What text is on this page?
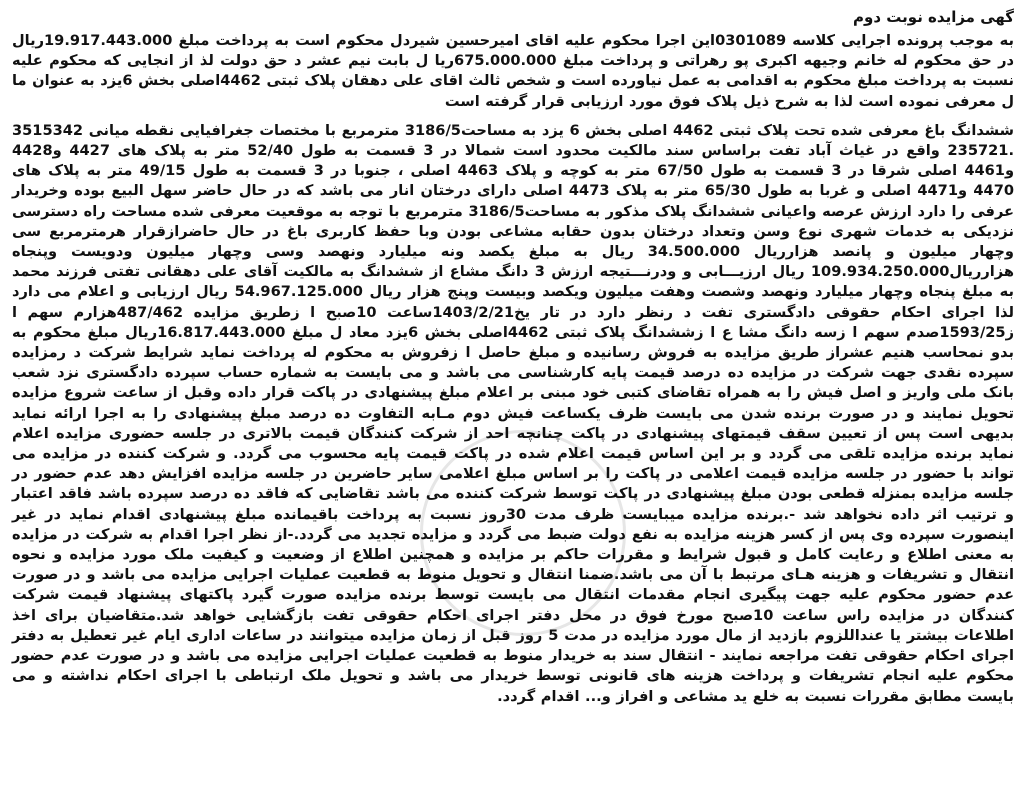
گهی مزایده نوبت دوم

به موجب پرونده اجرایی کلاسه 0301089این اجرا محکوم علیه اقای امیرحسین شیردل محکوم است به پرداخت مبلغ 19.917.443.000ریال در حق محکوم له خانم وجیهه اکبری پو رهراتی و پرداخت مبلغ 675.000.000ریا ل بابت نیم عشر د حق دولت لذ از انجایی که محکوم علیه نسبت به پرداخت مبلغ محکوم به اقدامی به عمل نیاورده است و شخص ثالث اقای علی دهقان پلاک ثبتی 4462اصلی بخش 6یزد به عنوان ما ل معرفی نموده است لذا به شرح ذیل پلاک فوق مورد ارزیابی قرار گرفته است

ششدانگ باغ معرفی شده تحت پلاک ثبتی 4462 اصلی بخش 6 یزد به مساحت3186/5 مترمربع با مختصات جغرافیایی نقطه میانی 3515342 .235721 واقع در غیاث آباد تفت براساس سند مالکیت محدود است شمالا در 3 قسمت به طول 52/40 متر به پلاک های 4427 و4428 و4461 اصلی شرقا در 3 قسمت به طول 67/50 متر به کوچه و پلاک 4463 اصلی ، جنوبا در 3 قسمت به طول 49/15 متر به پلاک های 4470 و4471 اصلی و غربا به طول 65/30 متر به پلاک 4473 اصلی دارای درختان انار می باشد که در حال حاضر سهل البیع بوده وخریدار عرفی را دارد ارزش عرصه واعیانی ششدانگ پلاک مذکور به مساحت3186/5 مترمربع با توجه به موقعیت معرفی شده مساحت راه دسترسی نزدیکی به خدمات شهری نوع وسن وتعداد درختان بدون حقابه مشاعی بودن وبا حفظ کاربری باغ در حال حاضرازقرار هرمترمربع سی وچهار میلیون و پانصد هزارریال 34.500.000 ریال به مبلغ یکصد ونه میلیارد ونهصد وسی وچهار میلیون ودویست وپنجاه هزارریال109.934.250.000 ریال ارزیـــابی و ودرنـــتیجه ارزش 3 دانگ مشاع از ششدانگ به مالکیت آقای علی دهقانی تفتی فرزند محمد به مبلغ پنجاه وچهار میلیارد ونهصد وشصت وهفت میلیون ویکصد وبیست وپنج هزار ریال 54.967.125.000 ریال ارزیابی و اعلام می دارد لذا اجرای احکام حقوقی دادگستری تفت د رنظر دارد در تار یخ1403/2/21ساعت 10صبح ا زطریق مزایده 487/462هزارم سهم ا ز1593/25صدم سهم ا زسه دانگ مشا ع ا زششدانگ پلاک ثبتی 4462اصلی بخش 6یزد معاد ل مبلغ 16.817.443.000ریال مبلغ محکوم به بدو نمحاسب هنیم عشراز طریق مزایده به فروش رسانیده و مبلغ حاصل ا زفروش به محکوم له پرداخت نماید شرایط شرکت د رمزایده سپرده نقدی جهت شرکت در مزایده ده درصد قیمت پایه کارشناسی می باشد و می بایست به شماره حساب سپرده دادگستری نزد شعب بانک ملی واریز و اصل فیش را به همراه تقاضای کتبی خود مبنی بر اعلام مبلغ پیشنهادی در پاکت قرار داده وقبل از ساعت شروع مزایده تحویل نمایند و در صورت برنده شدن می بایست ظرف یکساعت فیش دوم مـابه التفاوت ده درصد مبلغ پیشنهادی را به اجرا ارائه نماید بدیهی است پس از تعیین سقف قیمتهای پیشنهادی در پاکت چنانچه احد از شرکت کنندگان قیمت بالاتری در جلسه حضوری مزایده اعلام نماید برنده مزایده تلقی می گردد و بر این اساس قیمت اعلام شده در پاکت قیمت پایه محسوب می گردد. و شرکت کننده در مزایده می تواند با حضور در جلسه مزایده قیمت اعلامی در پاکت را بر اساس مبلغ اعلامی سایر حاضرین در جلسه مزایده افزایش دهد عدم حضور در جلسه مزایده بمنزله قطعی بودن مبلغ پیشنهادی در پاکت توسط شرکت کننده می باشد تقاضایی که فاقد ده درصد سپرده باشد فاقد اعتبار و ترتیب اثر داده نخواهد شد -.برنده مزایده میبایست ظرف مدت 30روز نسبت به پرداخت باقیمانده مبلغ پیشنهادی اقدام نماید در غیر اینصورت سپرده وی پس از کسر هزینه مزایده به نفع دولت ضبط می گردد و مزایده تجدید می گردد.-از نظر اجرا اقدام به شرکت در مزایده به معنی اطلاع و رعایت کامل و قبول شرایط و مقررات حاکم بر مزایده و همچنین اطلاع از وضعیت و کیفیت ملک مورد مزایده و نحوه انتقال و تشریفات و هزینه هـای مرتبط با آن می باشد.ضمنا انتقال و تحویل منوط به قطعیت عملیات اجرایی مزایده می باشد و در صورت عدم حضور محکوم علیه جهت پیگیری انجام مقدمات انتقال می بایست توسط برنده مزایده صورت گیرد پاکتهای پیشنهاد قیمت شرکت کنندگان در مزایده راس ساعت 10صبح مورخ فوق در محل دفتر اجرای احکام حقوقی تفت بازگشایی خواهد شد.متقاضیان برای اخذ اطلاعات بیشتر یا عنداللزوم بازدید از مال مورد مزایده در مدت 5 روز قبل از زمان مزایده میتوانند در ساعات اداری ایام غیر تعطیل به دفتر اجرای احکام حقوقی تفت مراجعه نمایند - انتقال سند به خریدار منوط به قطعیت عملیات اجرایی مزایده می باشد و در صورت عدم حضور محکوم علیه انجام تشریفات و پرداخت هزینه های قانونی توسط خریدار می باشد و تحویل ملک ارتباطی با اجرای احکام نداشته و می بایست مطابق مقررات نسبت به خلع ید مشاعی و افراز و... اقدام گردد.
